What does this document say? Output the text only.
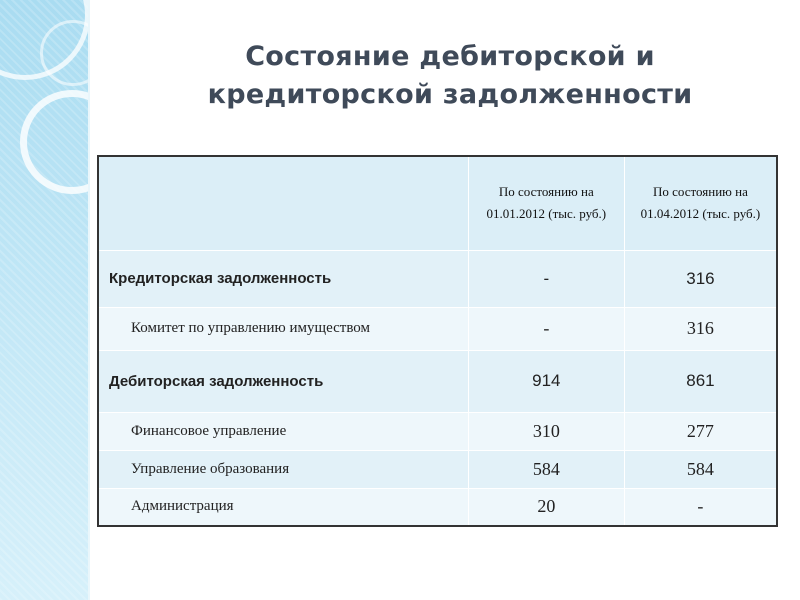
Состояние дебиторской и
кредиторской задолженности
	По состоянию на 01.01.2012 (тыс. руб.)	По состоянию на 01.04.2012 (тыс. руб.)
Кредиторская задолженность	-	316
Комитет по управлению имуществом	-	316
Дебиторская задолженность	914	861
Финансовое управление	310	277
Управление образования	584	584
Администрация	20	-
